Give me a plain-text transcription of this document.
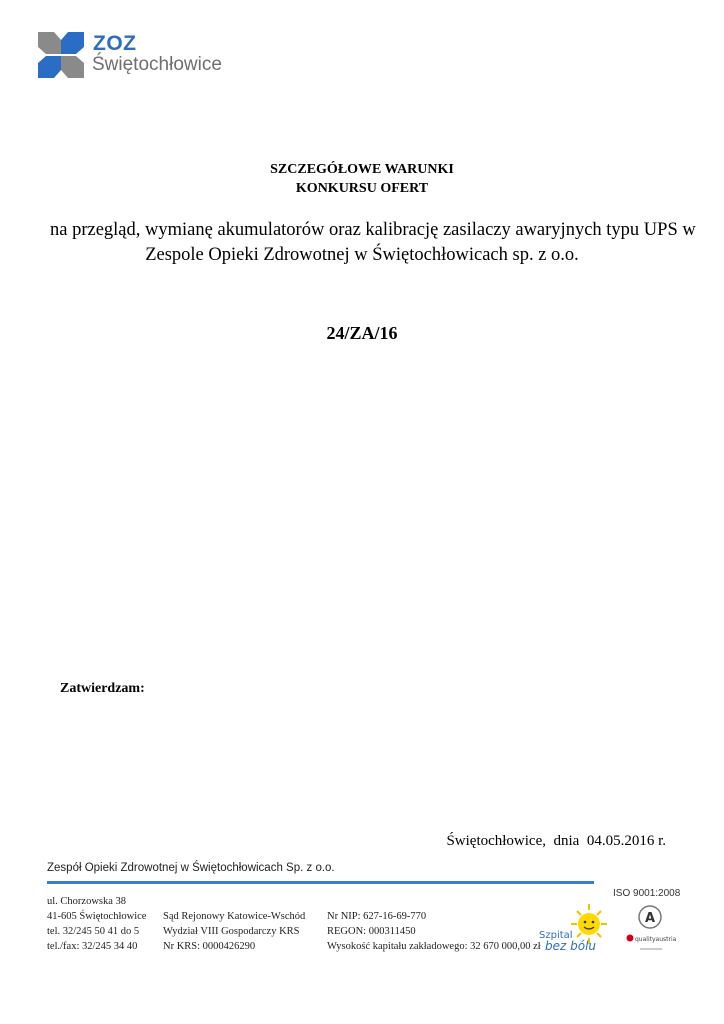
ZOZ
Świętochłowice
SZCZEGÓŁOWE WARUNKI
KONKURSU OFERT
na przegląd, wymianę akumulatorów oraz kalibrację zasilaczy awaryjnych typu UPS w
Zespole Opieki Zdrowotnej w Świętochłowicach sp. z o.o.
24/ZA/16
Zatwierdzam:
Świętochłowice,  dnia  04.05.2016 r.
Zespół Opieki Zdrowotnej w Świętochłowicach Sp. z o.o.
ISO 9001:2008
ul. Chorzowska 38
41-605 Świętochłowice
tel. 32/245 50 41 do 5
tel./fax: 32/245 34 40
Sąd Rejonowy Katowice-Wschód
Wydział VIII Gospodarczy KRS
Nr KRS: 0000426290
Nr NIP: 627-16-69-770
REGON: 000311450
Wysokość kapitału zakładowego: 32 670 000,00 zł
Szpital
bez bólu
A
qualityaustria
